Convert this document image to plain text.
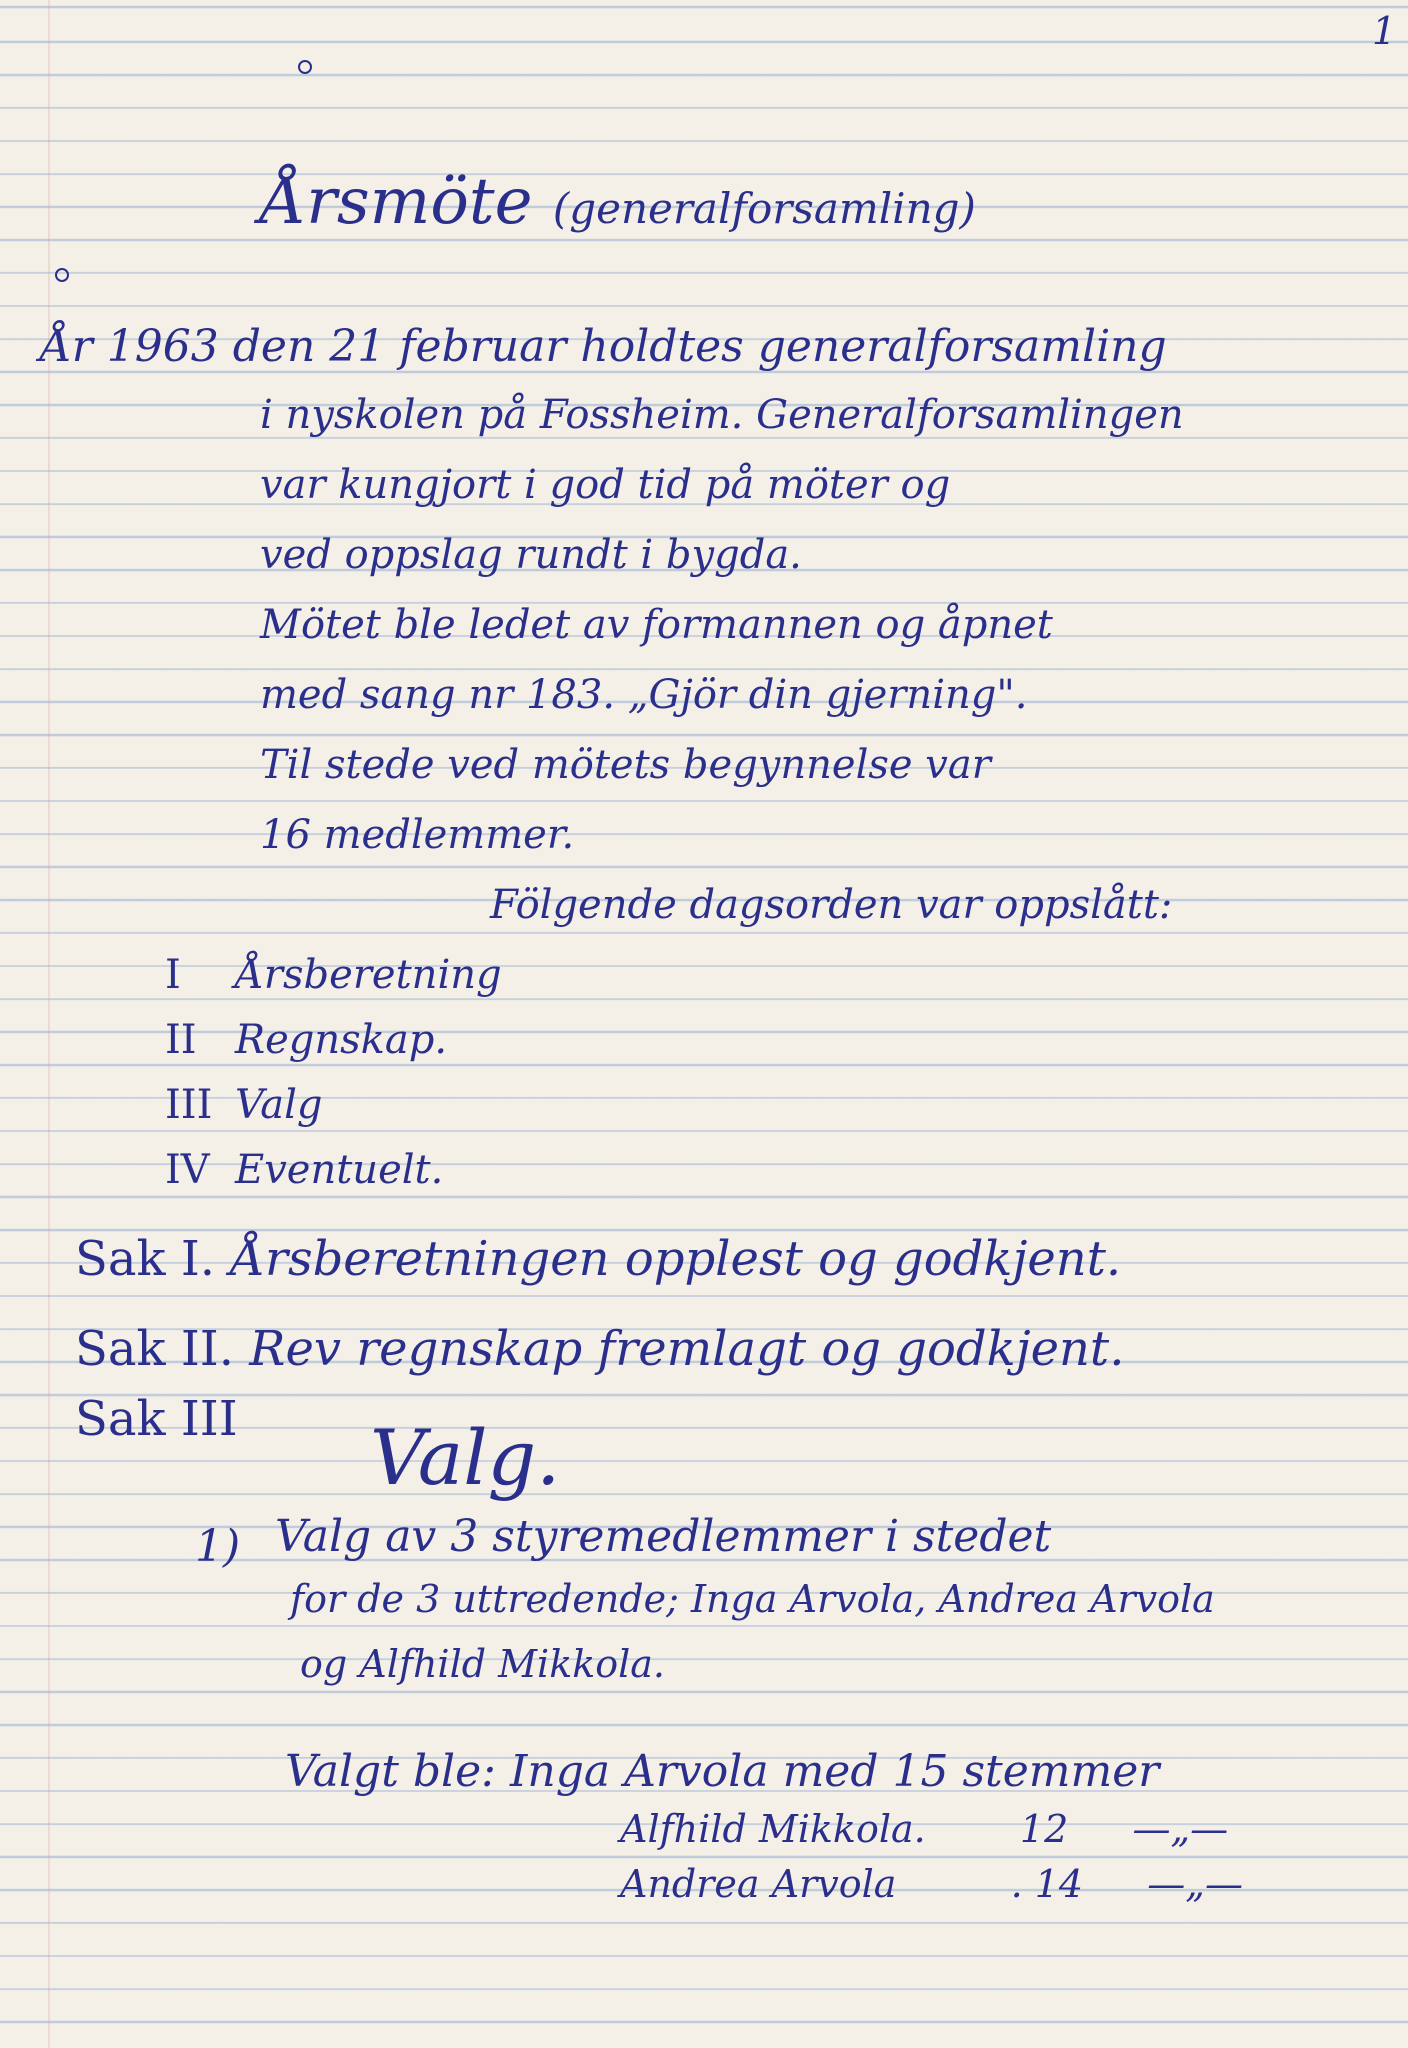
1
Årsmöte (generalforsamling)
År 1963 den 21 februar holdtes generalforsamling
i nyskolen på Fossheim. Generalforsamlingen
var kungjort i god tid på möter og
ved oppslag rundt i bygda.
Mötet ble ledet av formannen og åpnet
med sang nr 183. „Gjör din gjerning".
Til stede ved mötets begynnelse var
16 medlemmer.
Fölgende dagsorden var oppslått:
I Årsberetning
II Regnskap.
III Valg
IV Eventuelt.
Sak I. Årsberetningen opplest og godkjent.
Sak II. Rev regnskap fremlagt og godkjent.
Sak III Valg.
1) Valg av 3 styremedlemmer i stedet
for de 3 uttredende; Inga Arvola, Andrea Arvola
og Alfhild Mikkola.
Valgt ble: Inga Arvola med 15 stemmer
Alfhild Mikkola. 12 —„—
Andrea Arvola	. 14 —„—
